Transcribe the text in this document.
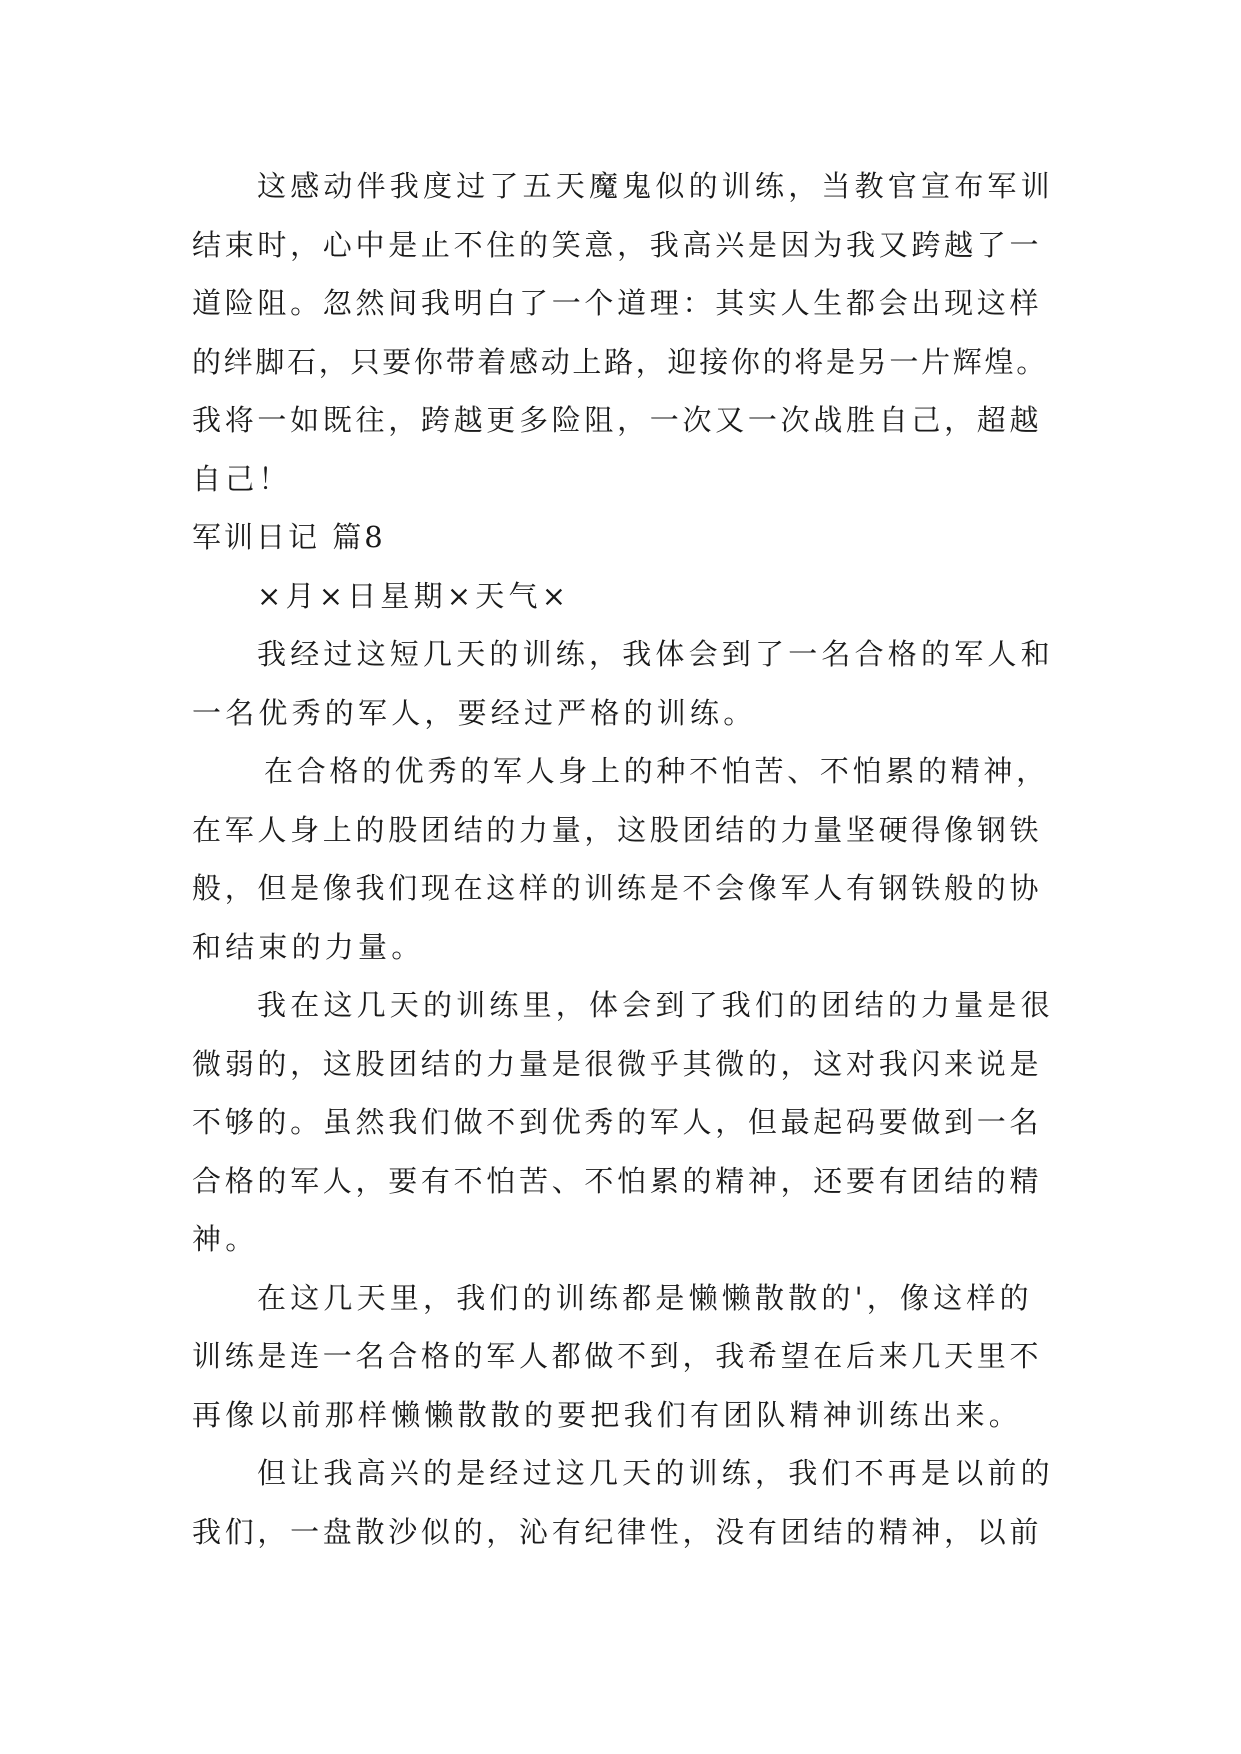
这感动伴我度过了五天魔鬼似的训练，当教官宣布军训
结束时，心中是止不住的笑意，我高兴是因为我又跨越了一
道险阻。忽然间我明白了一个道理：其实人生都会出现这样
的绊脚石，只要你带着感动上路，迎接你的将是另一片辉煌。
我将一如既往，跨越更多险阻，一次又一次战胜自己，超越
自己！
军训日记 篇8
×月×日星期×天气×
我经过这短几天的训练，我体会到了一名合格的军人和
一名优秀的军人，要经过严格的训练。
在合格的优秀的军人身上的种不怕苦、不怕累的精神，
在军人身上的股团结的力量，这股团结的力量坚硬得像钢铁
般，但是像我们现在这样的训练是不会像军人有钢铁般的协
和结束的力量。
我在这几天的训练里，体会到了我们的团结的力量是很
微弱的，这股团结的力量是很微乎其微的，这对我闪来说是
不够的。虽然我们做不到优秀的军人，但最起码要做到一名
合格的军人，要有不怕苦、不怕累的精神，还要有团结的精
神。
在这几天里，我们的训练都是懒懒散散的'，像这样的
训练是连一名合格的军人都做不到，我希望在后来几天里不
再像以前那样懒懒散散的要把我们有团队精神训练出来。
但让我高兴的是经过这几天的训练，我们不再是以前的
我们，一盘散沙似的，沁有纪律性，没有团结的精神，以前
